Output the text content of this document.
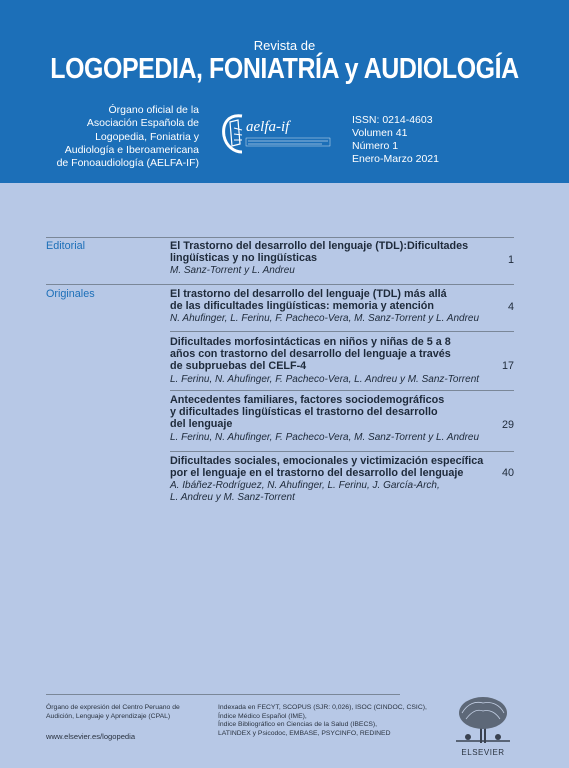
Revista de
LOGOPEDIA, FONIATRÍA y AUDIOLOGÍA
Órgano oficial de la
Asociación Española de
Logopedia, Foniatria y
Audiología e Iberoamericana
de Fonoaudiología (AELFA-IF)
aelfa-if	ISSN: 0214-4603
Volumen 41
Número 1
Enero-Marzo 2021
Editorial	El Trastorno del desarrollo del lenguaje (TDL):Dificultades
lingüísticas y no lingüísticas
M. Sanz-Torrent y L. Andreu
1
Originales	El trastorno del desarrollo del lenguaje (TDL) más allá
de las dificultades lingüísticas: memoria y atención
N. Ahufinger, L. Ferinu, F. Pacheco-Vera, M. Sanz-Torrent y L. Andreu
4
Dificultades morfosintácticas en niños y niñas de 5 a 8
años con trastorno del desarrollo del lenguaje a través
de subpruebas del CELF-4
L. Ferinu, N. Ahufinger, F. Pacheco-Vera, L. Andreu y M. Sanz-Torrent
17
Antecedentes familiares, factores sociodemográficos
y dificultades lingüísticas el trastorno del desarrollo
del lenguaje
L. Ferinu, N. Ahufinger, F. Pacheco-Vera, M. Sanz-Torrent y L. Andreu
29
Dificultades sociales, emocionales y victimización específica
por el lenguaje en el trastorno del desarrollo del lenguaje
A. Ibáñez-Rodríguez, N. Ahufinger, L. Ferinu, J. García-Arch,
L. Andreu y M. Sanz-Torrent
40
Órgano de expresión del Centro Peruano de
Audición, Lenguaje y Aprendizaje (CPAL)
www.elsevier.es/logopedia
Indexada en FECYT, SCOPUS (SJR: 0,026), ISOC (CINDOC, CSIC),
Índice Médico Español (IME),
Índice Bibliográfico en Ciencias de la Salud (IBECS),
LATINDEX y Psicodoc, EMBASE, PSYCINFO, REDINED
ELSEVIER
